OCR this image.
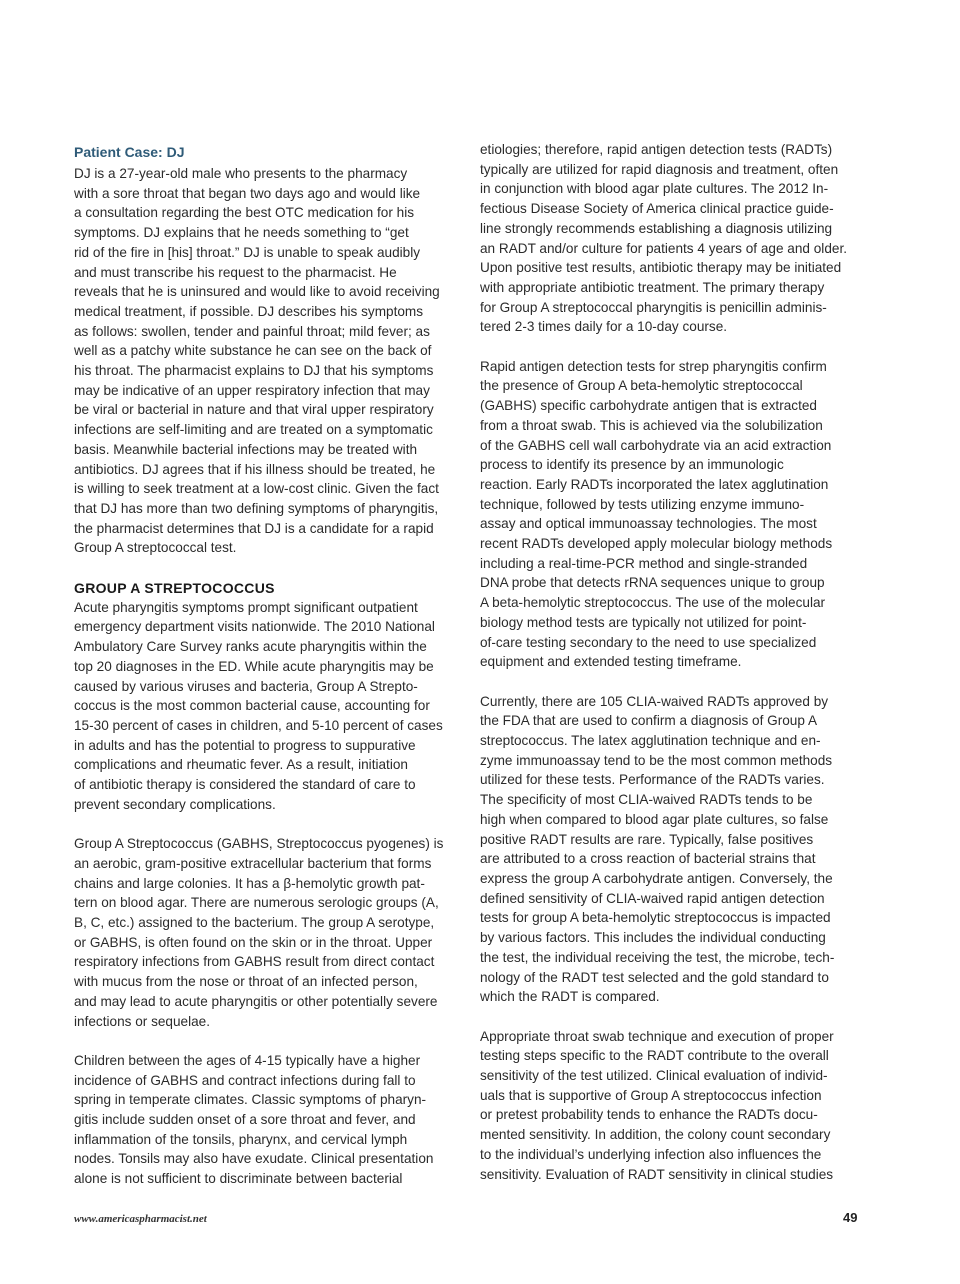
Patient Case: DJ
DJ is a 27-year-old male who presents to the pharmacy
with a sore throat that began two days ago and would like
a consultation regarding the best OTC medication for his
symptoms. DJ explains that he needs something to “get
rid of the fire in [his] throat.” DJ is unable to speak audibly
and must transcribe his request to the pharmacist. He
reveals that he is uninsured and would like to avoid receiving
medical treatment, if possible. DJ describes his symptoms
as follows: swollen, tender and painful throat; mild fever; as
well as a patchy white substance he can see on the back of
his throat. The pharmacist explains to DJ that his symptoms
may be indicative of an upper respiratory infection that may
be viral or bacterial in nature and that viral upper respiratory
infections are self-limiting and are treated on a symptomatic
basis. Meanwhile bacterial infections may be treated with
antibiotics. DJ agrees that if his illness should be treated, he
is willing to seek treatment at a low-cost clinic. Given the fact
that DJ has more than two defining symptoms of pharyngitis,
the pharmacist determines that DJ is a candidate for a rapid
Group A streptococcal test.
GROUP A STREPTOCOCCUS
Acute pharyngitis symptoms prompt significant outpatient
emergency department visits nationwide. The 2010 National
Ambulatory Care Survey ranks acute pharyngitis within the
top 20 diagnoses in the ED. While acute pharyngitis may be
caused by various viruses and bacteria, Group A Strepto-
coccus is the most common bacterial cause, accounting for
15-30 percent of cases in children, and 5-10 percent of cases
in adults and has the potential to progress to suppurative
complications and rheumatic fever. As a result, initiation
of antibiotic therapy is considered the standard of care to
prevent secondary complications.
Group A Streptococcus (GABHS, Streptococcus pyogenes) is
an aerobic, gram-positive extracellular bacterium that forms
chains and large colonies. It has a β-hemolytic growth pat-
tern on blood agar. There are numerous serologic groups (A,
B, C, etc.) assigned to the bacterium. The group A serotype,
or GABHS, is often found on the skin or in the throat. Upper
respiratory infections from GABHS result from direct contact
with mucus from the nose or throat of an infected person,
and may lead to acute pharyngitis or other potentially severe
infections or sequelae.
Children between the ages of 4-15 typically have a higher
incidence of GABHS and contract infections during fall to
spring in temperate climates. Classic symptoms of pharyn-
gitis include sudden onset of a sore throat and fever, and
inflammation of the tonsils, pharynx, and cervical lymph
nodes. Tonsils may also have exudate. Clinical presentation
alone is not sufficient to discriminate between bacterial
etiologies; therefore, rapid antigen detection tests (RADTs)
typically are utilized for rapid diagnosis and treatment, often
in conjunction with blood agar plate cultures. The 2012 In-
fectious Disease Society of America clinical practice guide-
line strongly recommends establishing a diagnosis utilizing
an RADT and/or culture for patients 4 years of age and older.
Upon positive test results, antibiotic therapy may be initiated
with appropriate antibiotic treatment. The primary therapy
for Group A streptococcal pharyngitis is penicillin adminis-
tered 2-3 times daily for a 10-day course.
Rapid antigen detection tests for strep pharyngitis confirm
the presence of Group A beta-hemolytic streptococcal
(GABHS) specific carbohydrate antigen that is extracted
from a throat swab. This is achieved via the solubilization
of the GABHS cell wall carbohydrate via an acid extraction
process to identify its presence by an immunologic
reaction. Early RADTs incorporated the latex agglutination
technique, followed by tests utilizing enzyme immuno-
assay and optical immunoassay technologies. The most
recent RADTs developed apply molecular biology methods
including a real-time-PCR method and single-stranded
DNA probe that detects rRNA sequences unique to group
A beta-hemolytic streptococcus. The use of the molecular
biology method tests are typically not utilized for point-
of-care testing secondary to the need to use specialized
equipment and extended testing timeframe.
Currently, there are 105 CLIA-waived RADTs approved by
the FDA that are used to confirm a diagnosis of Group A
streptococcus. The latex agglutination technique and en-
zyme immunoassay tend to be the most common methods
utilized for these tests. Performance of the RADTs varies.
The specificity of most CLIA-waived RADTs tends to be
high when compared to blood agar plate cultures, so false
positive RADT results are rare. Typically, false positives
are attributed to a cross reaction of bacterial strains that
express the group A carbohydrate antigen. Conversely, the
defined sensitivity of CLIA-waived rapid antigen detection
tests for group A beta-hemolytic streptococcus is impacted
by various factors. This includes the individual conducting
the test, the individual receiving the test, the microbe, tech-
nology of the RADT test selected and the gold standard to
which the RADT is compared.
Appropriate throat swab technique and execution of proper
testing steps specific to the RADT contribute to the overall
sensitivity of the test utilized. Clinical evaluation of individ-
uals that is supportive of Group A streptococcus infection
or pretest probability tends to enhance the RADTs docu-
mented sensitivity. In addition, the colony count secondary
to the individual’s underlying infection also influences the
sensitivity. Evaluation of RADT sensitivity in clinical studies
www.americaspharmacist.net	49
